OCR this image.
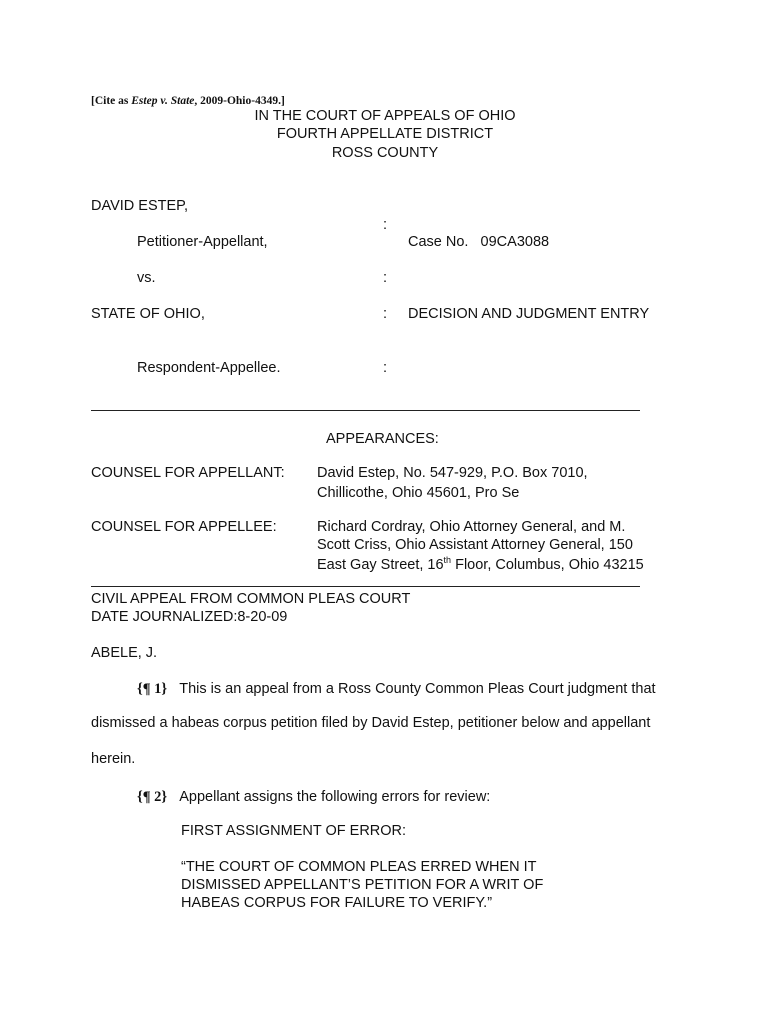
[Cite as Estep v. State, 2009-Ohio-4349.]
IN THE COURT OF APPEALS OF OHIO
FOURTH APPELLATE DISTRICT
ROSS COUNTY
DAVID ESTEP,
:
Petitioner-Appellant,	Case No. 09CA3088
vs.	:
STATE OF OHIO,	: DECISION AND JUDGMENT ENTRY
Respondent-Appellee.	:
APPEARANCES:
COUNSEL FOR APPELLANT: David Estep, No. 547-929, P.O. Box 7010,
Chillicothe, Ohio 45601, Pro Se
COUNSEL FOR APPELLEE:	Richard Cordray, Ohio Attorney General, and M.
Scott Criss, Ohio Assistant Attorney General, 150
East Gay Street, 16th Floor, Columbus, Ohio 43215
CIVIL APPEAL FROM COMMON PLEAS COURT
DATE JOURNALIZED:8-20-09
ABELE, J.
{¶ 1} This is an appeal from a Ross County Common Pleas Court judgment that
dismissed a habeas corpus petition filed by David Estep, petitioner below and appellant
herein.
{¶ 2} Appellant assigns the following errors for review:
FIRST ASSIGNMENT OF ERROR:
“THE COURT OF COMMON PLEAS ERRED WHEN IT
DISMISSED APPELLANT’S PETITION FOR A WRIT OF
HABEAS CORPUS FOR FAILURE TO VERIFY.”
